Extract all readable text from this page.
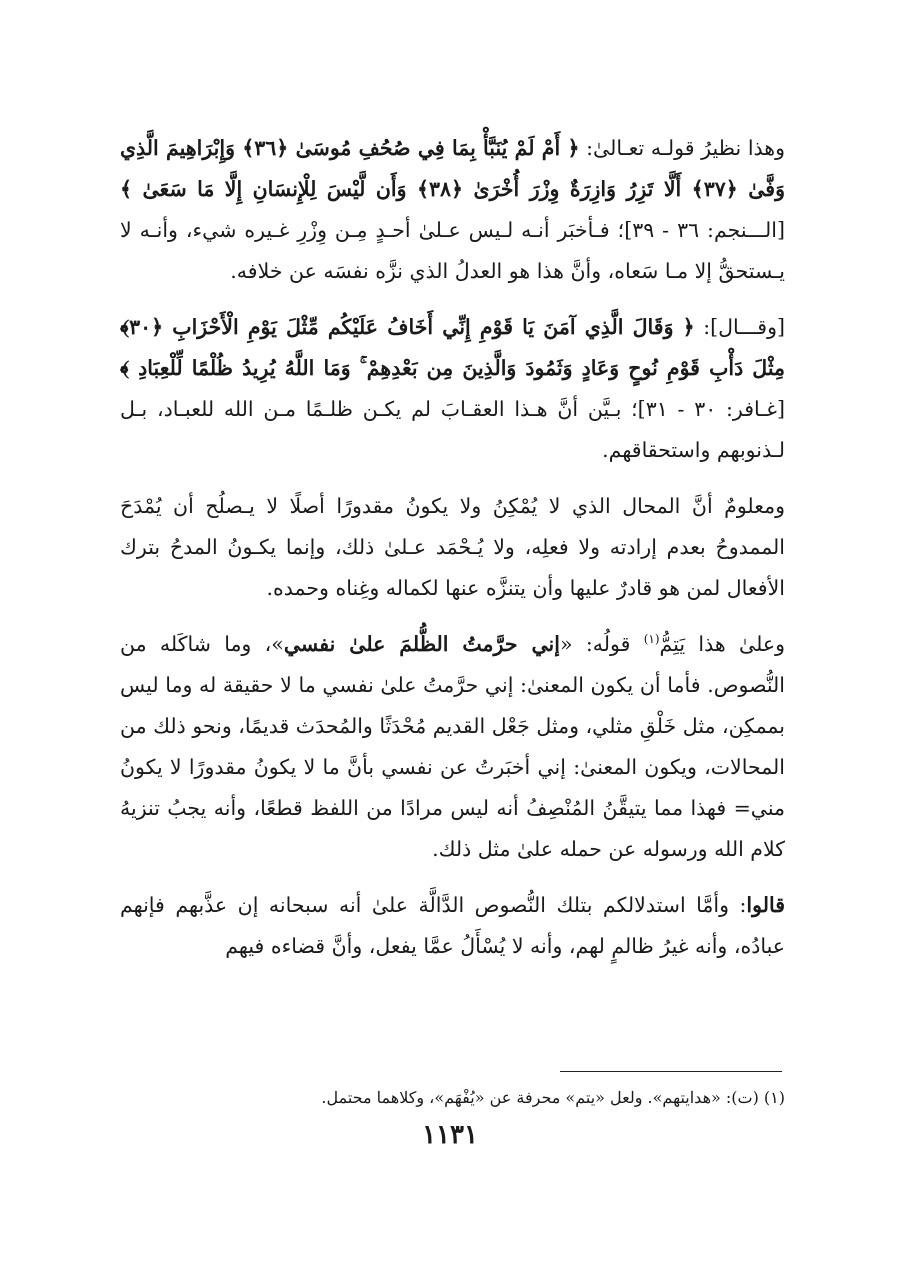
وهذا نظيرُ قولـه تعـالىٰ: ﴿ أَمْ لَمْ يُنَبَّأْ بِمَا فِي صُحُفِ مُوسَىٰ ﴿٣٦﴾ وَإِبْرَاهِيمَ الَّذِي وَفَّىٰ ﴿٣٧﴾ أَلَّا تَزِرُ وَازِرَةٌ وِزْرَ أُخْرَىٰ ﴿٣٨﴾ وَأَن لَّيْسَ لِلْإِنسَانِ إِلَّا مَا سَعَىٰ ﴾ [الـــنجم: ٣٦ - ٣٩]؛ فـأخبَر أنـه لـيس عـلىٰ أحـدٍ مِـن وِزْرِ غـيره شيء، وأنـه لا يـستحقُّ إلا مـا سَعاه، وأنَّ هذا هو العدلُ الذي نزَّه نفسَه عن خلافه.

[وقـــال]: ﴿ وَقَالَ الَّذِي آمَنَ يَا قَوْمِ إِنِّي أَخَافُ عَلَيْكُم مِّثْلَ يَوْمِ الْأَحْزَابِ ﴿٣٠﴾ مِثْلَ دَأْبِ قَوْمِ نُوحٍ وَعَادٍ وَثَمُودَ وَالَّذِينَ مِن بَعْدِهِمْ ۚ وَمَا اللَّهُ يُرِيدُ ظُلْمًا لِّلْعِبَادِ ﴾ [غـافر: ٣٠ - ٣١]؛ بـيَّن أنَّ هـذا العقـابَ لم يكـن ظلـمًا مـن الله للعبـاد، بـل لـذنوبهم واستحقاقهم.

ومعلومٌ أنَّ المحال الذي لا يُمْكِنُ ولا يكونُ مقدورًا أصلًا لا يـصلُح أن يُمْدَحَ الممدوحُ بعدم إرادته ولا فعلِه، ولا يُـحْمَد عـلىٰ ذلك، وإنما يكـونُ المدحُ بترك الأفعال لمن هو قادرٌ عليها وأن يتنزَّه عنها لكماله وغِناه وحمده.

وعلىٰ هذا يَتِمُّ$^{(١)}$ قولُه: «إني حرَّمتُ الظُّلمَ علىٰ نفسي»، وما شاكَله من النُّصوص. فأما أن يكون المعنىٰ: إني حرَّمتُ علىٰ نفسي ما لا حقيقة له وما ليس بممكِن، مثل خَلْقِ مثلي، ومثل جَعْل القديم مُحْدَثًا والمُحدَث قديمًا، ونحو ذلك من المحالات، ويكون المعنىٰ: إني أخبَرتُ عن نفسي بأنَّ ما لا يكونُ مقدورًا لا يكونُ مني= فهذا مما يتيقَّنُ المُنْصِفُ أنه ليس مرادًا من اللفظ قطعًا، وأنه يجبُ تنزيهُ كلام الله ورسوله عن حمله علىٰ مثل ذلك.

قالوا: وأمَّا استدلالكم بتلك النُّصوص الدَّالَّة علىٰ أنه سبحانه إن عذَّبهم فإنهم عبادُه، وأنه غيرُ ظالمٍ لهم، وأنه لا يُسْأَلُ عمَّا يفعل، وأنَّ قضاءه فيهم

(١) (ت): «هدايتهم». ولعل «يتم» محرفة عن «يُفْهَم»، وكلاهما محتمل.
١١٣١
